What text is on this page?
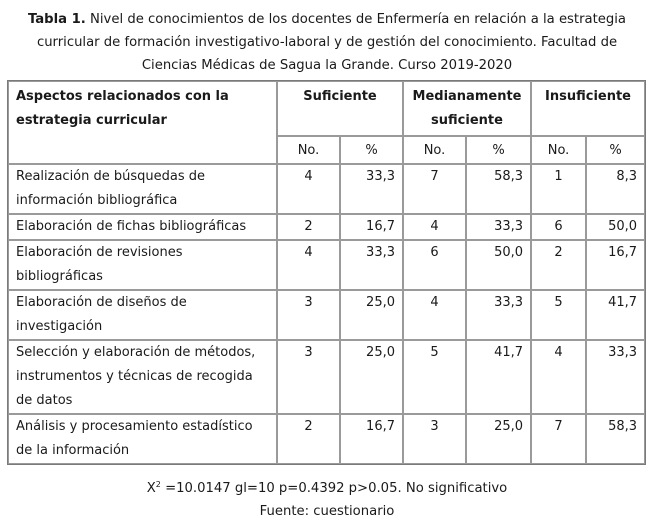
Tabla 1. Nivel de conocimientos de los docentes de Enfermería en relación a la estrategia curricular de formación investigativo-laboral y de gestión del conocimiento. Facultad de Ciencias Médicas de Sagua la Grande. Curso 2019-2020
Aspectos relacionados con la estrategia curricular	Suficiente		Medianamente suficiente		Insuficiente	
	No.	%	No.	%	No.	%
Realización de búsquedas de información bibliográfica	4	33,3	7	58,3	1	8,3
Elaboración de fichas bibliográficas	2	16,7	4	33,3	6	50,0
Elaboración de revisiones bibliográficas	4	33,3	6	50,0	2	16,7
Elaboración de diseños de investigación	3	25,0	4	33,3	5	41,7
Selección y elaboración de métodos, instrumentos y técnicas de recogida de datos	3	25,0	5	41,7	4	33,3
Análisis y procesamiento estadístico de la información	2	16,7	3	25,0	7	58,3
$X^2 =10.0147$ gl=10 p=0.4392 p>0.05. No significativo
Fuente: cuestionario
